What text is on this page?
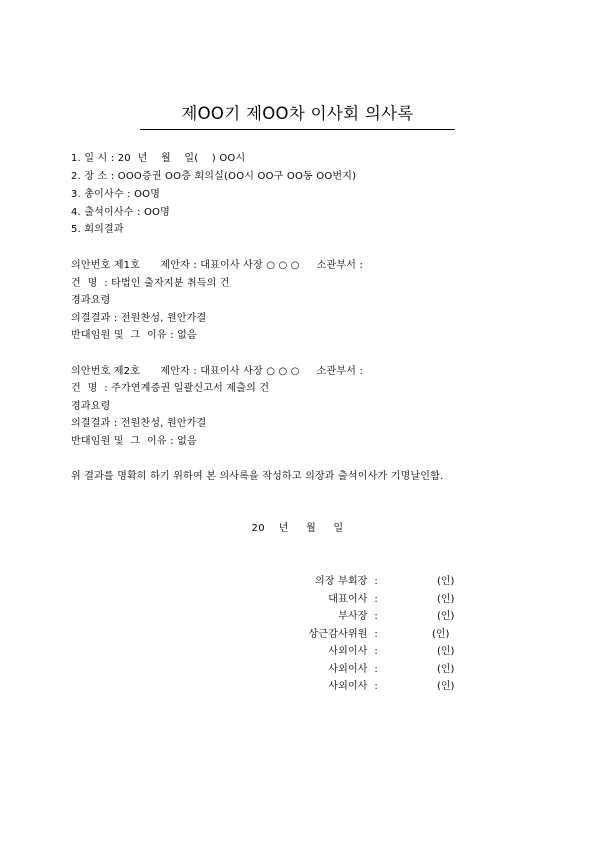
제OO기 제OO차 이사회 의사록
1. 일 시 : 20  년    월    일(    ) OO시
2. 장 소 : OOO증권 OO층 회의실(OO시 OO구 OO동 OO번지)
3. 총이사수 : OO명
4. 출석이사수 : OO명
5. 회의결과
의안번호 제1호      제안자 : 대표이사 사장 ○ ○ ○     소관부서 :
건  명  : 타법인 출자지분 취득의 건
경과요령
의결결과 : 전원찬성, 원안가결
반대임원 및  그  이유 : 없음
의안번호 제2호      제안자 : 대표이사 사장 ○ ○ ○     소관부서 :
건  명  : 주가연계증권 일괄신고서 제출의 건
경과요령
의결결과 : 전원찬성, 원안가결
반대임원 및  그  이유 : 없음
위 결과를 명확히 하기 위하여 본 의사록을 작성하고 의장과 출석이사가 기명날인함.
20    년     월     일
의장 부회장  :	(인)
대표이사  :	(인)
부사장  :	(인)
상근감사위원  :	(인)
사외이사  :	(인)
사외이사  :	(인)
사외이사  :	(인)
